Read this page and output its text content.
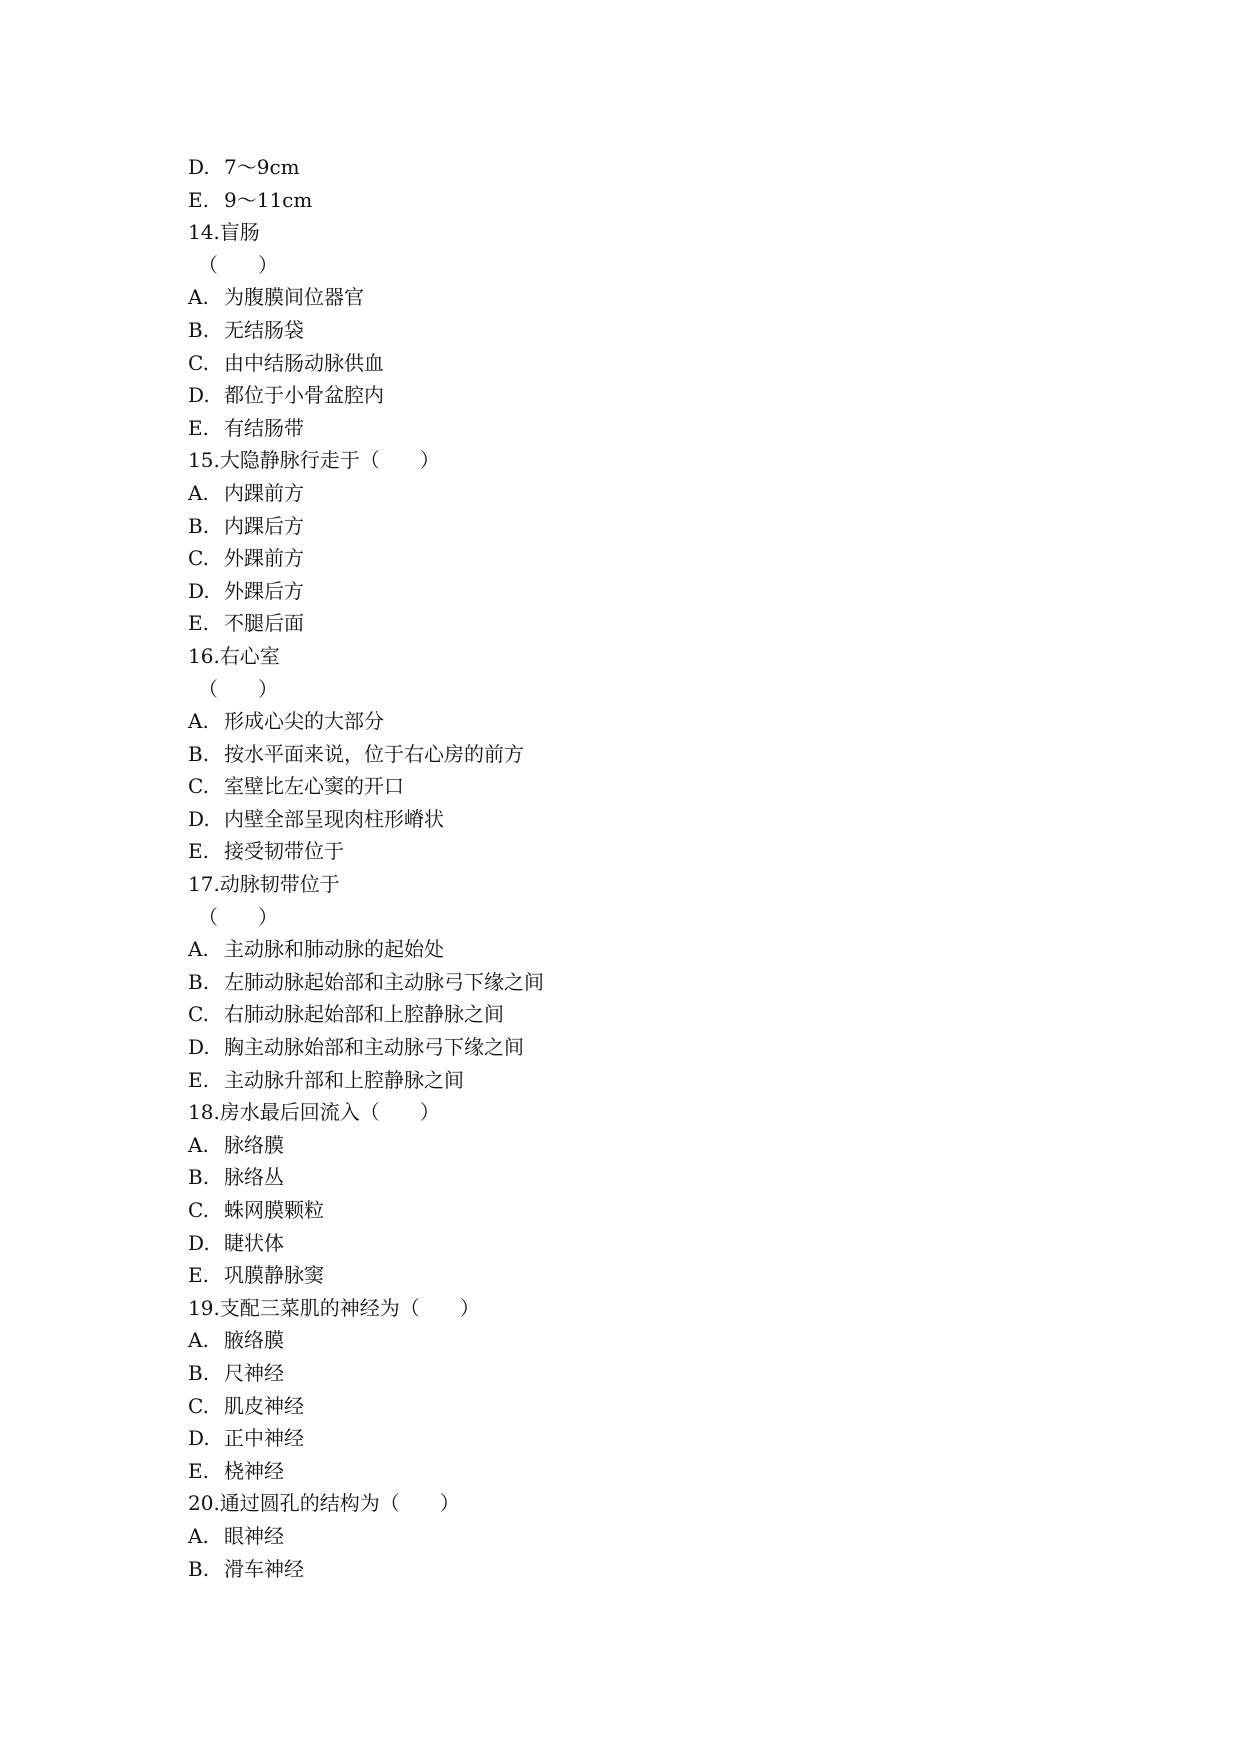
D. 7～9cm
E. 9～11cm
14.盲肠
（　　）
A. 为腹膜间位器官
B. 无结肠袋
C. 由中结肠动脉供血
D. 都位于小骨盆腔内
E. 有结肠带
15.大隐静脉行走于（　　）
A. 内踝前方
B. 内踝后方
C. 外踝前方
D. 外踝后方
E. 不腿后面
16.右心室
（　　）
A. 形成心尖的大部分
B. 按水平面来说，位于右心房的前方
C. 室壁比左心窦的开口
D. 内壁全部呈现肉柱形嵴状
E. 接受韧带位于
17.动脉韧带位于
（　　）
A. 主动脉和肺动脉的起始处
B. 左肺动脉起始部和主动脉弓下缘之间
C. 右肺动脉起始部和上腔静脉之间
D. 胸主动脉始部和主动脉弓下缘之间
E. 主动脉升部和上腔静脉之间
18.房水最后回流入（　　）
A. 脉络膜
B. 脉络丛
C. 蛛网膜颗粒
D. 睫状体
E. 巩膜静脉窦
19.支配三菜肌的神经为（　　）
A. 腋络膜
B. 尺神经
C. 肌皮神经
D. 正中神经
E. 桡神经
20.通过圆孔的结构为（　　）
A. 眼神经
B. 滑车神经
